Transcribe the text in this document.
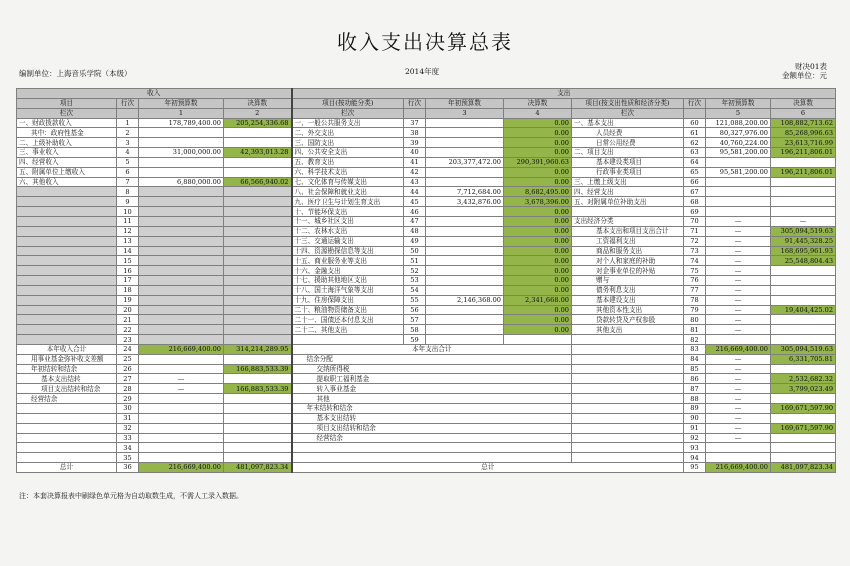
收入支出决算总表
编制单位：上海音乐学院（本级）	2014年度
财决01表
金额单位：元
收入				支出							
项目	行次	年初预算数	决算数	项目(按功能分类)	行次	年初预算数	决算数	项目(按支出性质和经济分类)	行次	年初预算数	决算数
栏次		1	2	栏次		3	4	栏次		5	6
一、财政拨款收入	1	178,789,400.00	205,254,336.68	一、一般公共服务支出	37		0.00	一、基本支出	60	121,088,200.00	108,882,713.62
其中：政府性基金	2			二、外交支出	38		0.00	人员经费	61	80,327,976.00	85,268,996.63
二、上级补助收入	3			三、国防支出	39		0.00	日常公用经费	62	40,760,224.00	23,613,716.99
三、事业收入	4	31,000,000.00	42,393,013.28	四、公共安全支出	40		0.00	二、项目支出	63	95,581,200.00	196,211,806.01
四、经营收入	5			五、教育支出	41	203,377,472.00	290,391,960.63	基本建设类项目	64		
五、附属单位上缴收入	6			六、科学技术支出	42		0.00	行政事业类项目	65	95,581,200.00	196,211,806.01
六、其他收入	7	6,880,000.00	66,566,940.02	七、文化体育与传媒支出	43		0.00	三、上缴上级支出	66		
	8			八、社会保障和就业支出	44	7,712,684.00	8,682,495.00	四、经营支出	67		
	9			九、医疗卫生与计划生育支出	45	3,432,876.00	3,678,396.00	五、对附属单位补助支出	68		
	10			十、节能环保支出	46		0.00		69		
	11			十一、城乡社区支出	47		0.00	支出经济分类	70	—	—
	12			十二、农林水支出	48		0.00	基本支出和项目支出合计	71	—	305,094,519.63
	13			十三、交通运输支出	49		0.00	工资福利支出	72	—	91,445,328.25
	14			十四、资源勘探信息等支出	50		0.00	商品和服务支出	73	—	168,695,961.93
	15			十五、商业服务业等支出	51		0.00	对个人和家庭的补助	74	—	25,548,804.43
	16			十六、金融支出	52		0.00	对企事业单位的补贴	75	—	
	17			十七、援助其他地区支出	53		0.00	赠与	76	—	
	18			十八、国土海洋气象等支出	54		0.00	债务利息支出	77	—	
	19			十九、住房保障支出	55	2,146,368.00	2,341,668.00	基本建设支出	78	—	
	20			二十、粮油物资储备支出	56		0.00	其他资本性支出	79	—	19,404,425.02
	21			二十一、国债还本付息支出	57		0.00	贷款转贷及产权参股	80	—	
	22			二十二、其他支出	58		0.00	其他支出	81	—	
	23				59				82		
本年收入合计	24	216,669,400.00	314,214,289.95	本年支出合计					83	216,669,400.00	305,094,519.63
用事业基金弥补收支差额	25			结余分配					84	—	6,331,705.81
年初结转和结余	26		166,883,533.39	交纳所得税					85	—	
基本支出结转	27	—		提取职工福利基金					86	—	2,532,682.32
项目支出结转和结余	28	—	166,883,533.39	转入事业基金					87	—	3,799,023.49
经营结余	29			其他					88	—	
	30			年末结转和结余					89	—	169,671,597.90
	31			基本支出结转					90	—	
	32			项目支出结转和结余					91	—	169,671,597.90
	33			经营结余					92	—	
	34								93		
	35								94		
总计	36	216,669,400.00	481,097,823.34	总计					95	216,669,400.00	481,097,823.34
注：本套决算报表中刷绿色单元格为自动取数生成，不需人工录入数据。
